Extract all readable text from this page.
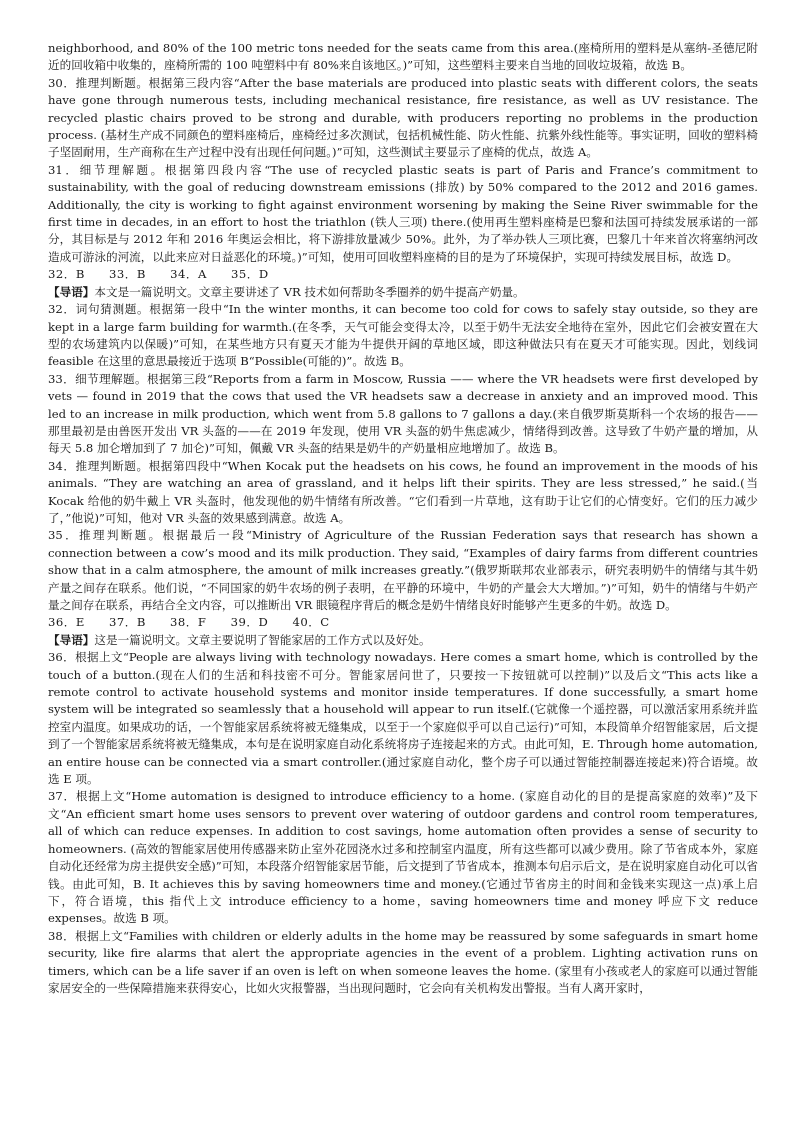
neighborhood, and 80% of the 100 metric tons needed for the seats came from this area.(座椅所用的塑料是从塞纳-圣德尼附近的回收箱中收集的，座椅所需的 100 吨塑料中有 80%来自该地区。)”可知，这些塑料主要来自当地的回收垃圾箱，故选 B。

30．推理判断题。根据第三段内容“After the base materials are produced into plastic seats with different colors, the seats have gone through numerous tests, including mechanical resistance, fire resistance, as well as UV resistance. The recycled plastic chairs proved to be strong and durable, with producers reporting no problems in the production process. (基材生产成不同颜色的塑料座椅后，座椅经过多次测试，包括机械性能、防火性能、抗紫外线性能等。事实证明，回收的塑料椅子坚固耐用，生产商称在生产过程中没有出现任何问题。)”可知，这些测试主要显示了座椅的优点，故选 A。

31．细节理解题。根据第四段内容“The use of recycled plastic seats is part of Paris and France’s commitment to sustainability, with the goal of reducing downstream emissions (排放) by 50% compared to the 2012 and 2016 games. Additionally, the city is working to fight against environment worsening by making the Seine River swimmable for the first time in decades, in an effort to host the triathlon (铁人三项) there.(使用再生塑料座椅是巴黎和法国可持续发展承诺的一部分，其目标是与 2012 年和 2016 年奥运会相比，将下游排放量减少 50%。此外，为了举办铁人三项比赛，巴黎几十年来首次将塞纳河改造成可游泳的河流，以此来应对日益恶化的环境。)”可知，使用可回收塑料座椅的目的是为了环境保护，实现可持续发展目标，故选 D。

32．B　　33．B　　34．A　　35．D

【导语】本文是一篇说明文。文章主要讲述了 VR 技术如何帮助冬季圈养的奶牛提高产奶量。

32．词句猜测题。根据第一段中“In the winter months, it can become too cold for cows to safely stay outside, so they are kept in a large farm building for warmth.(在冬季，天气可能会变得太冷，以至于奶牛无法安全地待在室外，因此它们会被安置在大型的农场建筑内以保暖)”可知，在某些地方只有夏天才能为牛提供开阔的草地区域，即这种做法只有在夏天才可能实现。因此，划线词 feasible 在这里的意思最接近于选项 B“Possible(可能的)”。故选 B。

33．细节理解题。根据第三段“Reports from a farm in Moscow, Russia —— where the VR headsets were first developed by vets — found in 2019 that the cows that used the VR headsets saw a decrease in anxiety and an improved mood. This led to an increase in milk production, which went from 5.8 gallons to 7 gallons a day.(来自俄罗斯莫斯科一个农场的报告——那里最初是由兽医开发出 VR 头盔的——在 2019 年发现，使用 VR 头盔的奶牛焦虑减少，情绪得到改善。这导致了牛奶产量的增加，从每天 5.8 加仑增加到了 7 加仑)”可知，佩戴 VR 头盔的结果是奶牛的产奶量相应地增加了。故选 B。

34．推理判断题。根据第四段中“When Kocak put the headsets on his cows, he found an improvement in the moods of his animals. “They are watching an area of grassland, and it helps lift their spirits. They are less stressed,” he said.(当 Kocak 给他的奶牛戴上 VR 头盔时，他发现他的奶牛情绪有所改善。“它们看到一片草地，这有助于让它们的心情变好。它们的压力减少了，”他说)”可知，他对 VR 头盔的效果感到满意。故选 A。

35．推理判断题。根据最后一段“Ministry of Agriculture of the Russian Federation says that research has shown a connection between a cow’s mood and its milk production. They said, “Examples of dairy farms from different countries show that in a calm atmosphere, the amount of milk increases greatly.”(俄罗斯联邦农业部表示，研究表明奶牛的情绪与其牛奶产量之间存在联系。他们说，“不同国家的奶牛农场的例子表明，在平静的环境中，牛奶的产量会大大增加。”)”可知，奶牛的情绪与牛奶产量之间存在联系，再结合全文内容，可以推断出 VR 眼镜程序背后的概念是奶牛情绪良好时能够产生更多的牛奶。故选 D。

36．E　　37．B　　38．F　　39．D　　40．C

【导语】这是一篇说明文。文章主要说明了智能家居的工作方式以及好处。

36．根据上文“People are always living with technology nowadays. Here comes a smart home, which is controlled by the touch of a button.(现在人们的生活和科技密不可分。智能家居问世了，只要按一下按钮就可以控制)”以及后文“This acts like a remote control to activate household systems and monitor inside temperatures. If done successfully, a smart home system will be integrated so seamlessly that a household will appear to run itself.(它就像一个遥控器，可以激活家用系统并监控室内温度。如果成功的话，一个智能家居系统将被无缝集成，以至于一个家庭似乎可以自己运行)”可知，本段简单介绍智能家居，后文提到了一个智能家居系统将被无缝集成，本句是在说明家庭自动化系统将房子连接起来的方式。由此可知，E. Through home automation, an entire house can be connected via a smart controller.(通过家庭自动化，整个房子可以通过智能控制器连接起来)符合语境。故选 E 项。

37．根据上文“Home automation is designed to introduce efficiency to a home. (家庭自动化的目的是提高家庭的效率)”及下文“An efficient smart home uses sensors to prevent over watering of outdoor gardens and control room temperatures, all of which can reduce expenses. In addition to cost savings, home automation often provides a sense of security to homeowners. (高效的智能家居使用传感器来防止室外花园浇水过多和控制室内温度，所有这些都可以减少费用。除了节省成本外，家庭自动化还经常为房主提供安全感)”可知，本段落介绍智能家居节能，后文提到了节省成本，推测本句启示后文，是在说明家庭自动化可以省钱。由此可知，B. It achieves this by saving homeowners time and money.(它通过节省房主的时间和金钱来实现这一点)承上启下，符合语境，this 指代上文 introduce efficiency to a home，saving homeowners time and money 呼应下文 reduce expenses。故选 B 项。

38．根据上文“Families with children or elderly adults in the home may be reassured by some safeguards in smart home security, like fire alarms that alert the appropriate agencies in the event of a problem. Lighting activation runs on timers, which can be a life saver if an oven is left on when someone leaves the home. (家里有小孩或老人的家庭可以通过智能家居安全的一些保障措施来获得安心，比如火灾报警器，当出现问题时，它会向有关机构发出警报。当有人离开家时，
